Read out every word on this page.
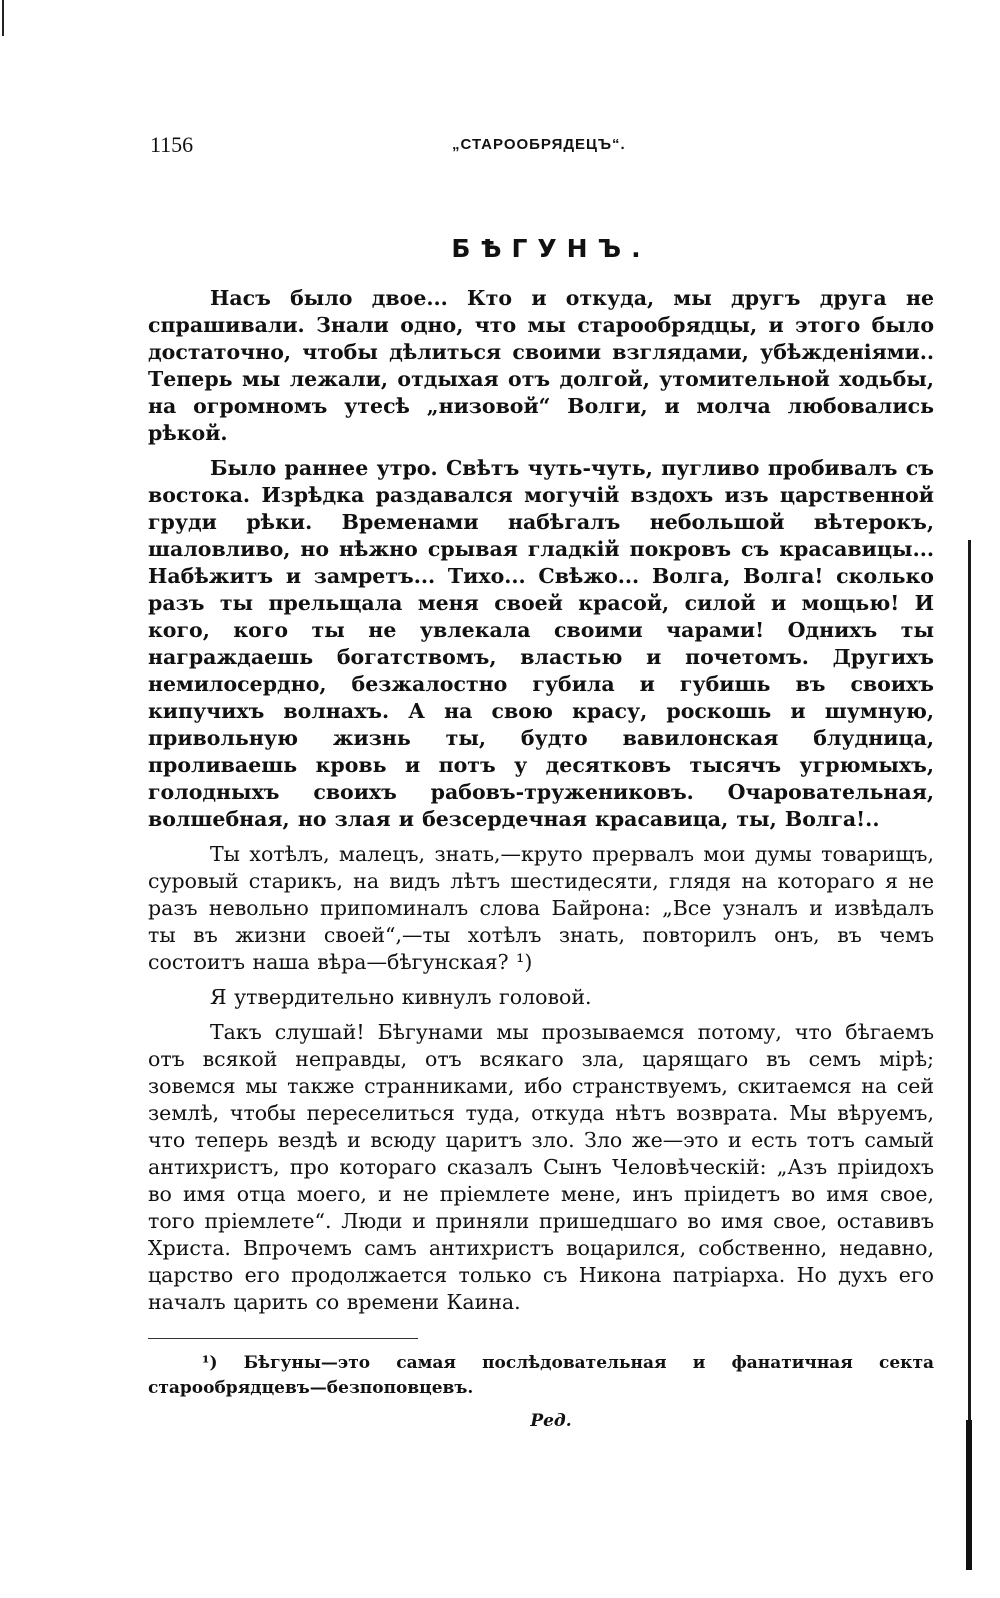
1156	„СТАРООБРЯДЕЦЪ“.
БѢГУНЪ.

Насъ было двое... Кто и откуда, мы другъ друга не спрашивали. Знали одно, что мы старообрядцы, и этого было достаточно, чтобы дѣлиться своими взглядами, убѣжденіями.. Теперь мы лежали, отдыхая отъ долгой, утомительной ходьбы, на огромномъ утесѣ „низовой“ Волги, и молча любовались рѣкой.

Было раннее утро. Свѣтъ чуть-чуть, пугливо пробивалъ съ востока. Изрѣдка раздавался могучій вздохъ изъ царственной груди рѣки. Временами набѣгалъ небольшой вѣтерокъ, шаловливо, но нѣжно срывая гладкій покровъ съ красавицы... Набѣжитъ и замретъ... Тихо... Свѣжо... Волга, Волга! сколько разъ ты прельщала меня своей красой, силой и мощью! И кого, кого ты не увлекала своими чарами! Однихъ ты награждаешь богатствомъ, властью и почетомъ. Другихъ немилосердно, безжалостно губила и губишь въ своихъ кипучихъ волнахъ. А на свою красу, роскошь и шумную, привольную жизнь ты, будто вавилонская блудница, проливаешь кровь и потъ у десятковъ тысячъ угрюмыхъ, голодныхъ своихъ рабовъ-тружениковъ. Очаровательная, волшебная, но злая и безсердечная красавица, ты, Волга!..

Ты хотѣлъ, малецъ, знать,—круто прервалъ мои думы товарищъ, суровый старикъ, на видъ лѣтъ шестидесяти, глядя на котораго я не разъ невольно припоминалъ слова Байрона: „Все узналъ и извѣдалъ ты въ жизни своей“,—ты хотѣлъ знать, повторилъ онъ, въ чемъ состоитъ наша вѣра—бѣгунская? ¹)

Я утвердительно кивнулъ головой.

Такъ слушай! Бѣгунами мы прозываемся потому, что бѣгаемъ отъ всякой неправды, отъ всякаго зла, царящаго въ семъ мірѣ; зовемся мы также странниками, ибо странствуемъ, скитаемся на сей землѣ, чтобы переселиться туда, откуда нѣтъ возврата. Мы вѣруемъ, что теперь вездѣ и всюду царитъ зло. Зло же—это и есть тотъ самый антихристъ, про котораго сказалъ Сынъ Человѣческій: „Азъ пріидохъ во имя отца моего, и не пріемлете мене, инъ пріидетъ во имя свое, того пріемлете“. Люди и приняли пришедшаго во имя свое, оставивъ Христа. Впрочемъ самъ антихристъ воцарился, собственно, недавно, царство его продолжается только съ Никона патріарха. Но духъ его началъ царить со времени Каина.

¹) Бѣгуны—это самая послѣдовательная и фанатичная секта старообрядцевъ—безпоповцевъ.

Ред.
